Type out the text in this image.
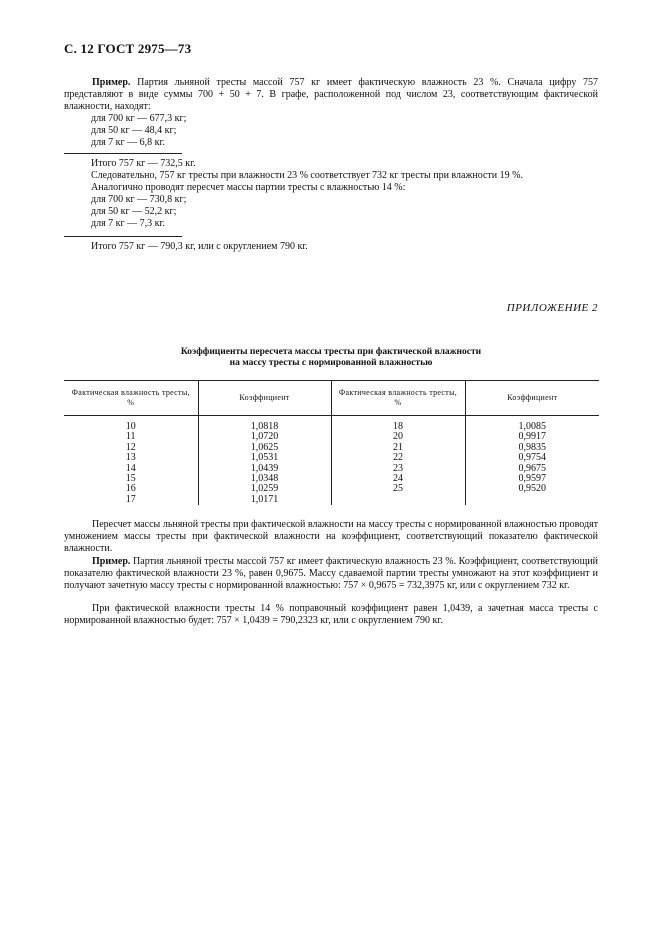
С. 12 ГОСТ 2975—73

Пример. Партия льняной тресты массой 757 кг имеет фактическую влажность 23 %. Сначала цифру 757 представляют в виде суммы 700 + 50 + 7. В графе, расположенной под числом 23, соответствующим фактической влажности, находят:

для 700 кг — 677,3 кг;

для 50 кг — 48,4 кг;

для 7 кг — 6,8 кг.

Итого 757 кг — 732,5 кг.

Следовательно, 757 кг тресты при влажности 23 % соответствует 732 кг тресты при влажности 19 %.

Аналогично проводят пересчет массы партии тресты с влажностью 14 %:

для 700 кг — 730,8 кг;

для 50 кг — 52,2 кг;

для 7 кг — 7,3 кг.

Итого 757 кг — 790,3 кг, или с округлением 790 кг.

ПРИЛОЖЕНИЕ 2
Коэффициенты пересчета массы тресты при фактической влажности
на массу тресты с нормированной влажностью
Фактическая влажность тресты, %	Коэффициент	Фактическая влажность тресты, %	Коэффициент
10	1,0818	18	1,0085
11	1,0720	20	0,9917
12	1,0625	21	0,9835
13	1,0531	22	0,9754
14	1,0439	23	0,9675
15	1,0348	24	0,9597
16	1,0259	25	0,9520
17	1,0171		

Пересчет массы льняной тресты при фактической влажности на массу тресты с нормированной влажностью проводят умножением массы тресты при фактической влажности на коэффициент, соответствующий показателю фактической влажности.

Пример. Партия льняной тресты массой 757 кг имеет фактическую влажность 23 %. Коэффициент, соответствующий показателю фактической влажности 23 %, равен 0,9675. Массу сдаваемой партии тресты умножают на этот коэффициент и получают зачетную массу тресты с нормированной влажностью: 757 × 0,9675 = 732,3975 кг, или с округлением 732 кг.

При фактической влажности тресты 14 % поправочный коэффициент равен 1,0439, а зачетная масса тресты с нормированной влажностью будет: 757 × 1,0439 = 790,2323 кг, или с округлением 790 кг.
